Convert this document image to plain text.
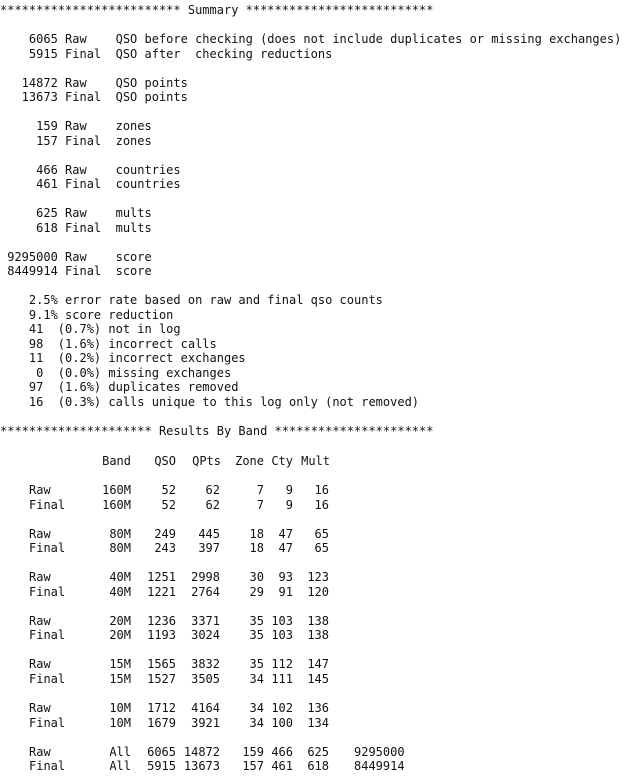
************************* Summary **************************
6065 Raw    QSO before checking (does not include duplicates or missing exchanges)
5915 Final  QSO after  checking reductions
14872 Raw    QSO points
13673 Final  QSO points
159 Raw    zones
157 Final  zones
466 Raw    countries
461 Final  countries
625 Raw    mults
618 Final  mults
9295000 Raw    score
8449914 Final  score
2.5% error rate based on raw and final qso counts
9.1% score reduction
41  (0.7%) not in log
98  (1.6%) incorrect calls
11  (0.2%) incorrect exchanges
0  (0.0%) missing exchanges
97  (1.6%) duplicates removed
16  (0.3%) calls unique to this log only (not removed)
********************* Results By Band **********************
Band	QSO	QPts	Zone Cty Mult
Raw	160M	52	62	7	9	16
Final	160M	52	62	7	9	16
Raw	80M	249	445	18	47	65
Final	80M	243	397	18	47	65
Raw	40M	1251	2998	30	93	123
Final	40M	1221	2764	29	91	120
Raw	20M	1236	3371	35 103	138
Final	20M	1193	3024	35 103	138
Raw	15M	1565	3832	35 112	147
Final	15M	1527	3505	34 111	145
Raw	10M	1712	4164	34 102	136
Final	10M	1679	3921	34 100	134
Raw	All	6065 14872	159 466	625 9295000
Final	All	5915 13673	157 461	618 8449914
